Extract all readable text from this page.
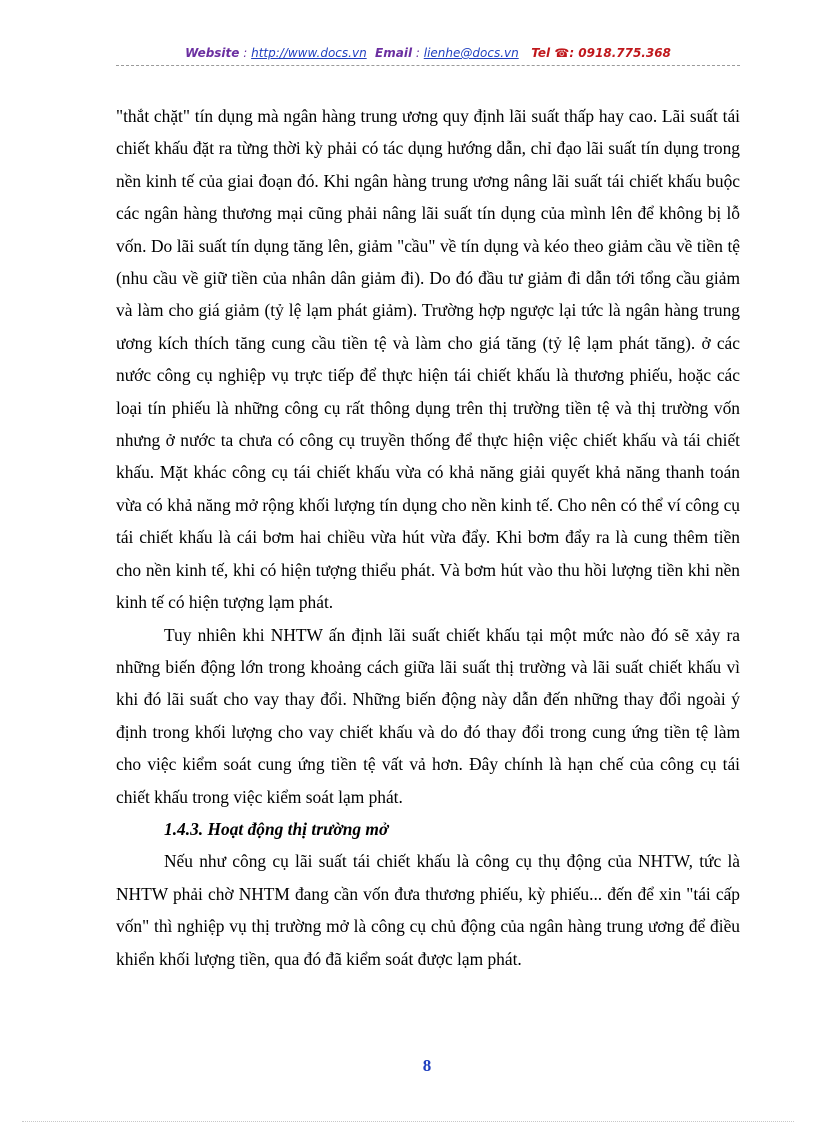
Website : http://www.docs.vn Email : lienhe@docs.vn Tel ☎: 0918.775.368

"thắt chặt" tín dụng mà ngân hàng trung ương quy định lãi suất thấp hay cao. Lãi suất tái chiết khấu đặt ra từng thời kỳ phải có tác dụng hướng dẫn, chỉ đạo lãi suất tín dụng trong nền kinh tế của giai đoạn đó. Khi ngân hàng trung ương nâng lãi suất tái chiết khấu buộc các ngân hàng thương mại cũng phải nâng lãi suất tín dụng của mình lên để không bị lỗ vốn. Do lãi suất tín dụng tăng lên, giảm "cầu" về tín dụng và kéo theo giảm cầu về tiền tệ (nhu cầu về giữ tiền của nhân dân giảm đi). Do đó đầu tư giảm đi dẫn tới tổng cầu giảm và làm cho giá giảm (tỷ lệ lạm phát giảm). Trường hợp ngược lại tức là ngân hàng trung ương kích thích tăng cung cầu tiền tệ và làm cho giá tăng (tỷ lệ lạm phát tăng). ở các nước công cụ nghiệp vụ trực tiếp để thực hiện tái chiết khấu là thương phiếu, hoặc các loại tín phiếu là những công cụ rất thông dụng trên thị trường tiền tệ và thị trường vốn nhưng ở nước ta chưa có công cụ truyền thống để thực hiện việc chiết khấu và tái chiết khấu. Mặt khác công cụ tái chiết khấu vừa có khả năng giải quyết khả năng thanh toán vừa có khả năng mở rộng khối lượng tín dụng cho nền kinh tế. Cho nên có thể ví công cụ tái chiết khấu là cái bơm hai chiều vừa hút vừa đẩy. Khi bơm đẩy ra là cung thêm tiền cho nền kinh tế, khi có hiện tượng thiểu phát. Và bơm hút vào thu hồi lượng tiền khi nền kinh tế có hiện tượng lạm phát.

Tuy nhiên khi NHTW ấn định lãi suất chiết khấu tại một mức nào đó sẽ xảy ra những biến động lớn trong khoảng cách giữa lãi suất thị trường và lãi suất chiết khấu vì khi đó lãi suất cho vay thay đổi. Những biến động này dẫn đến những thay đổi ngoài ý định trong khối lượng cho vay chiết khấu và do đó thay đổi trong cung ứng tiền tệ làm cho việc kiểm soát cung ứng tiền tệ vất vả hơn. Đây chính là hạn chế của công cụ tái chiết khấu trong việc kiểm soát lạm phát.

1.4.3. Hoạt động thị trường mở

Nếu như công cụ lãi suất tái chiết khấu là công cụ thụ động của NHTW, tức là NHTW phải chờ NHTM đang cần vốn đưa thương phiếu, kỳ phiếu... đến để xin "tái cấp vốn" thì nghiệp vụ thị trường mở là công cụ chủ động của ngân hàng trung ương để điều khiển khối lượng tiền, qua đó đã kiểm soát được lạm phát.

8
